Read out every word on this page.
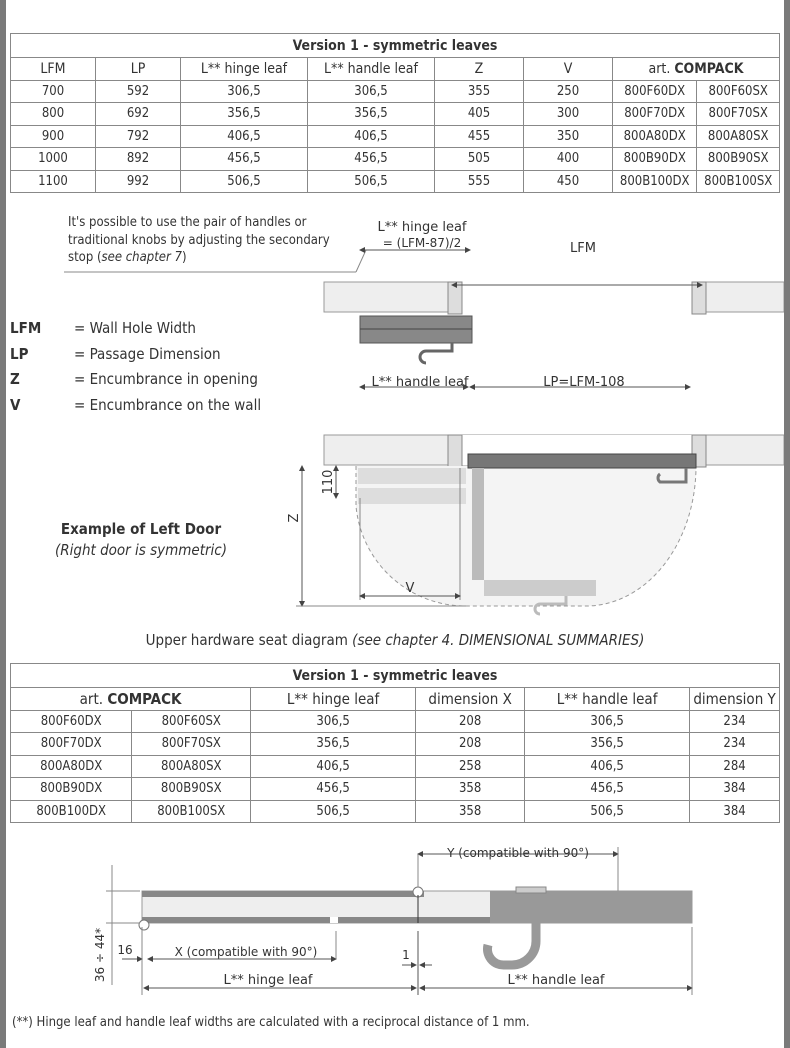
Version 1 - symmetric leaves							
LFM	LP	L** hinge leaf	L** handle leaf	Z	V	art. COMPACK	
700	592	306,5	306,5	355	250	800F60DX	800F60SX
800	692	356,5	356,5	405	300	800F70DX	800F70SX
900	792	406,5	406,5	455	350	800A80DX	800A80SX
1000	892	456,5	456,5	505	400	800B90DX	800B90SX
1100	992	506,5	506,5	555	450	800B100DX	800B100SX
It's possible to use the pair of handles or traditional knobs by adjusting the secondary stop (see chapter 7)
L** hinge leaf
= (LFM-87)/2	LFM
L** handle leaf	LP=LFM-108
110
Z
V
LFM = Wall Hole Width
LP	= Passage Dimension
Z	= Encumbrance in opening
V	= Encumbrance on the wall
Example of Left Door
(Right door is symmetric)
Upper hardware seat diagram (see chapter 4. DIMENSIONAL SUMMARIES)
Version 1 - symmetric leaves					
art. COMPACK		L** hinge leaf	dimension X	L** handle leaf	dimension Y
800F60DX	800F60SX	306,5	208	306,5	234
800F70DX	800F70SX	356,5	208	356,5	234
800A80DX	800A80SX	406,5	258	406,5	284
800B90DX	800B90SX	456,5	358	456,5	384
800B100DX	800B100SX	506,5	358	506,5	384
Y (compatible with 90°)
X (compatible with 90°)
16	1
36 ÷ 44*	L** hinge leaf	L** handle leaf
(**) Hinge leaf and handle leaf widths are calculated with a reciprocal distance of 1 mm.
